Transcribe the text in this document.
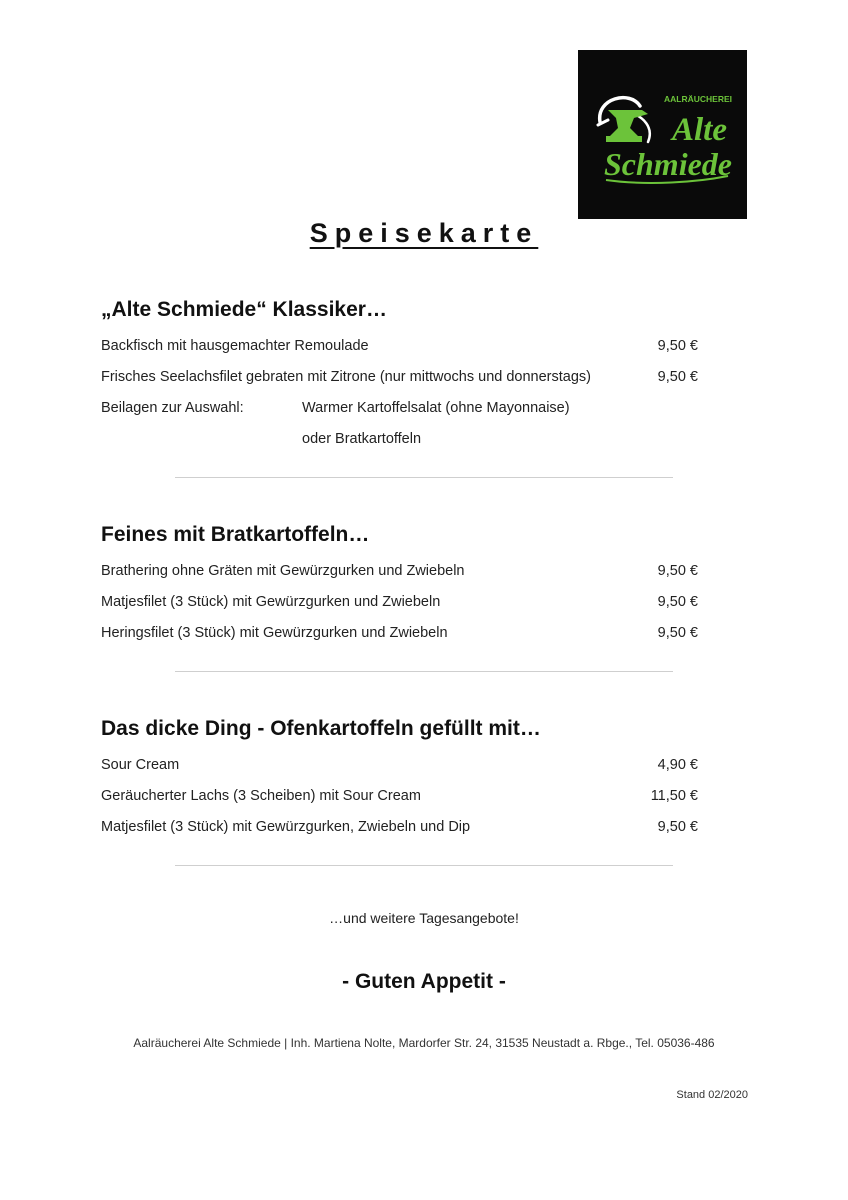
AALRÄUCHEREI
Alte
Schmiede
Speisekarte
„Alte Schmiede“ Klassiker…
Backfisch mit hausgemachter Remoulade	9,50 €
Frisches Seelachsfilet gebraten mit Zitrone (nur mittwochs und donnerstags)	9,50 €
Beilagen zur Auswahl:	Warmer Kartoffelsalat (ohne Mayonnaise)
oder Bratkartoffeln
Feines mit Bratkartoffeln…
Brathering ohne Gräten mit Gewürzgurken und Zwiebeln	9,50 €
Matjesfilet (3 Stück) mit Gewürzgurken und Zwiebeln	9,50 €
Heringsfilet (3 Stück) mit Gewürzgurken und Zwiebeln	9,50 €
Das dicke Ding - Ofenkartoffeln gefüllt mit…
Sour Cream	4,90 €
Geräucherter Lachs (3 Scheiben) mit Sour Cream	11,50 €
Matjesfilet (3 Stück) mit Gewürzgurken, Zwiebeln und Dip	9,50 €
…und weitere Tagesangebote!
- Guten Appetit -
Aalräucherei Alte Schmiede | Inh. Martiena Nolte, Mardorfer Str. 24, 31535 Neustadt a. Rbge., Tel. 05036-486
Stand 02/2020
